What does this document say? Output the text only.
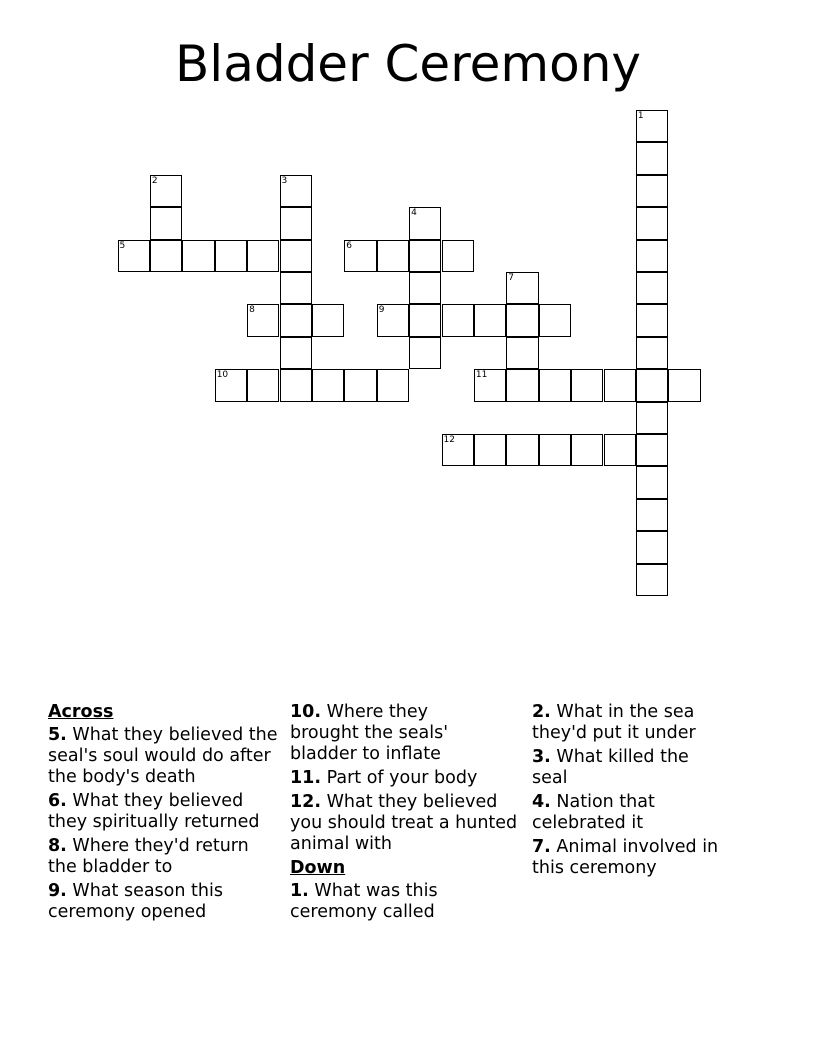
Bladder Ceremony
1
2	3
4
5	6
7
8	9
10	11
12
Across
5. What they believed the seal's soul would do after the body's death
6. What they believed they spiritually returned
8. Where they'd return the bladder to
9. What season this ceremony opened
10. Where they brought the seals' bladder to inflate
11. Part of your body
12. What they believed you should treat a hunted animal with
Down
1. What was this ceremony called
2. What in the sea they'd put it under
3. What killed the seal
4. Nation that celebrated it
7. Animal involved in this ceremony
